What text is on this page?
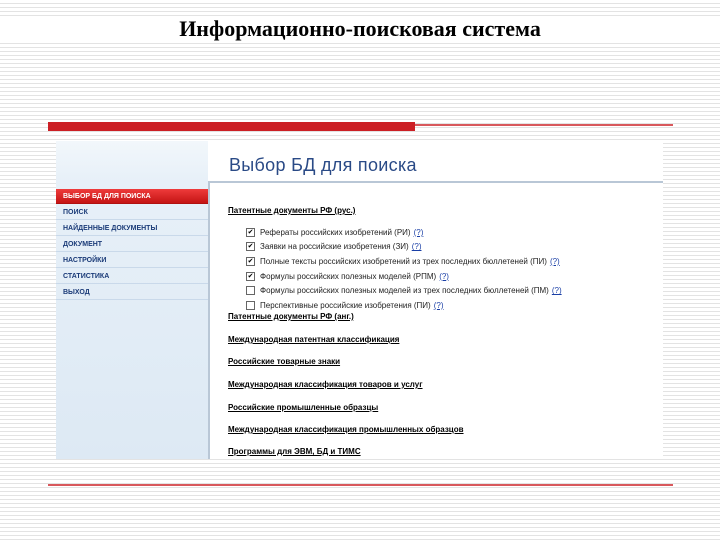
Информационно-поисковая система
ВЫБОР БД ДЛЯ ПОИСКА
ПОИСК
НАЙДЕННЫЕ ДОКУМЕНТЫ
ДОКУМЕНТ
НАСТРОЙКИ
СТАТИСТИКА
ВЫХОД
Выбор БД для поиска
Патентные документы РФ (рус.)
✔ Рефераты российских изобретений (РИ) (?)
✔ Заявки на российские изобретения (ЗИ) (?)
✔ Полные тексты российских изобретений из трех последних бюллетеней (ПИ) (?)
✔ Формулы российских полезных моделей (РПМ) (?)
Формулы российских полезных моделей из трех последних бюллетеней (ПМ) (?)
Перспективные российские изобретения (ПИ) (?)
Патентные документы РФ (анг.)
Международная патентная классификация
Российские товарные знаки
Международная классификация товаров и услуг
Российские промышленные образцы
Международная классификация промышленных образцов
Программы для ЭВМ, БД и ТИМС
